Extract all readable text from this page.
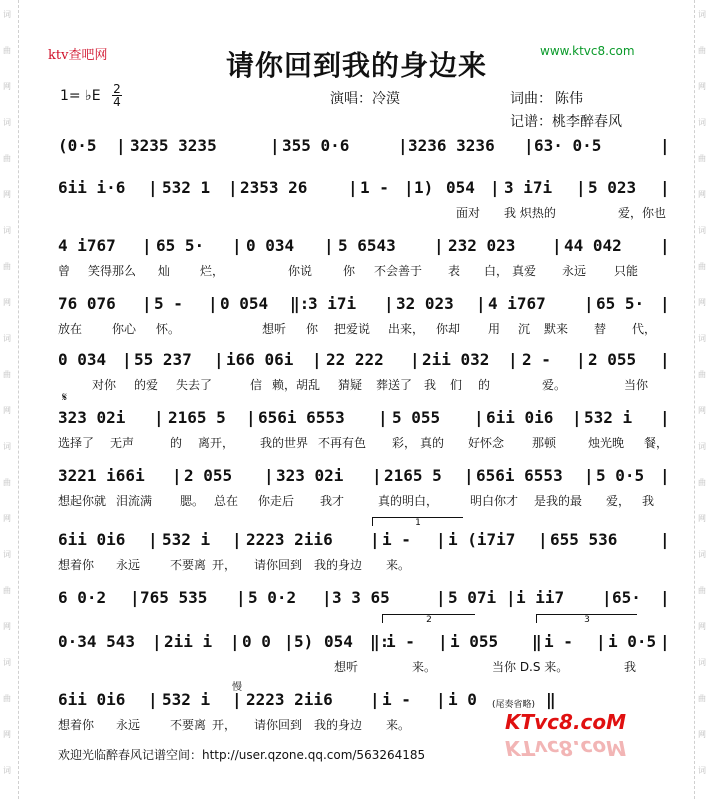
词
曲
网
词
曲
网
词
曲
网
词
曲
网
词
曲
网
词
曲
网
词
曲
网
词
词
曲
网
词
曲
网
词
曲
网
词
曲
网
词
曲
网
词
曲
网
词
曲
网
词
ktv查吧网	www.ktvc8.com
请你回到我的身边来
1= ♭E $\frac{2}{4}$	演唱：冷漠	词曲： 陈伟
记谱：桃李醉春风
𝄋
(0·5 | 3235 3235	| 355 0·6	| 3236 3236 | 63· 0·5	|
6ii i·6 | 532 1 | 2353 26	| 1 - | 1) 054 | 3 i7i | 5 023 |
面对 我 炽热的	爱，你也
4 i767 | 65 5· | 0 034 | 5 6543 | 232 023 | 44 042 |
曾 笑得那么 灿 烂，	你说	你 不会善于 表 白， 真爱 永远 只能
76 076 | 5 - | 0 054 ‖:
3 i7i | 32 023 | 4 i767 | 65 5· |
放在 你心 怀。	想听 你 把爱说 出来， 你却 用 沉 默来 替 代，
0 034 | 55 237 | i66 06i | 22 222 | 2ii 032 | 2 - | 2 055 |
对你 的爱 失去了	信 赖， 胡乱 猜疑 葬送了 我 们 的	爱。	当你
323 02i | 2165 5 | 656i 6553 | 5 055 | 6ii 0i6 | 532 i |
选择了 无声	的 离开， 我的世界 不再有色 彩， 真的 好怀念 那顿	烛光晚 餐，
3221 i66i | 2 055 | 323 02i | 2165 5 | 656i 6553 | 5 0·5 |
想起你就 泪流满 腮。 总在 你走后 我才	真的明白，	明白你才 是我的最 爱， 我
6ii 0i6 | 532 i | 2223 2ii6 | i - | i (i7i7 | 655 536	|
想着你 永远 不要离 开， 请你回到 我的身边 来。
6 0·2 | 765 535 | 5 0·2 | 3 3 65	| 5 07i | i ii7 | 65· |
0·34 543 | 2ii i | 0 0 | 5) 054 ‖:
i - | i 055 ‖ i - | i 0·5 |
想听	来。	当你 D.S 来。	我
6ii 0i6 | 532 i | 2223 2ii6 | i - | i 0	‖
想着你 永远 不要离 开， 请你回到 我的身边 来。
1
2	3
慢
(尾奏省略)
KTvc8.coM
KTvc8.coM
欢迎光临醉春风记谱空间：http://user.qzone.qq.com/563264185
